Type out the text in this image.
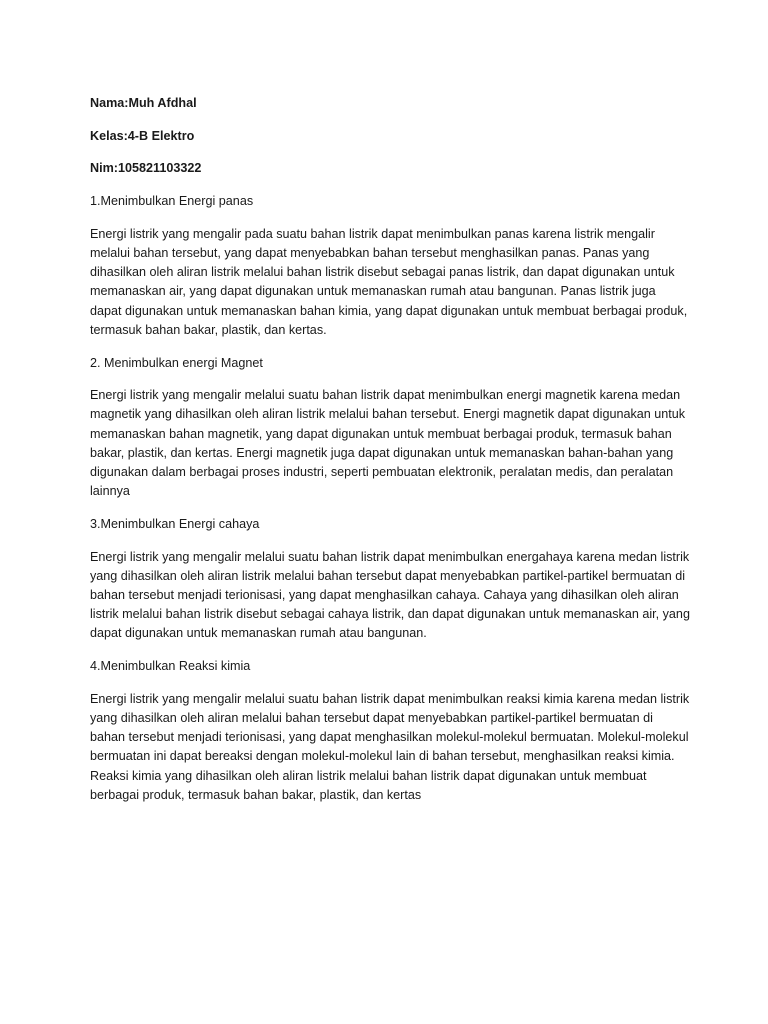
Nama:Muh Afdhal

Kelas:4-B Elektro

Nim:105821103322

1.Menimbulkan Energi panas

Energi listrik yang mengalir pada suatu bahan listrik dapat menimbulkan panas karena listrik mengalir melalui bahan tersebut, yang dapat menyebabkan bahan tersebut menghasilkan panas. Panas yang dihasilkan oleh aliran listrik melalui bahan listrik disebut sebagai panas listrik, dan dapat digunakan untuk memanaskan air, yang dapat digunakan untuk memanaskan rumah atau bangunan. Panas listrik juga dapat digunakan untuk memanaskan bahan kimia, yang dapat digunakan untuk membuat berbagai produk, termasuk bahan bakar, plastik, dan kertas.

2. Menimbulkan energi Magnet

Energi listrik yang mengalir melalui suatu bahan listrik dapat menimbulkan energi magnetik karena medan magnetik yang dihasilkan oleh aliran listrik melalui bahan tersebut. Energi magnetik dapat digunakan untuk memanaskan bahan magnetik, yang dapat digunakan untuk membuat berbagai produk, termasuk bahan bakar, plastik, dan kertas. Energi magnetik juga dapat digunakan untuk memanaskan bahan-bahan yang digunakan dalam berbagai proses industri, seperti pembuatan elektronik, peralatan medis, dan peralatan lainnya

3.Menimbulkan Energi cahaya

Energi listrik yang mengalir melalui suatu bahan listrik dapat menimbulkan energahaya karena medan listrik yang dihasilkan oleh aliran listrik melalui bahan tersebut dapat menyebabkan partikel-partikel bermuatan di bahan tersebut menjadi terionisasi, yang dapat menghasilkan cahaya. Cahaya yang dihasilkan oleh aliran listrik melalui bahan listrik disebut sebagai cahaya listrik, dan dapat digunakan untuk memanaskan air, yang dapat digunakan untuk memanaskan rumah atau bangunan.

4.Menimbulkan Reaksi kimia

Energi listrik yang mengalir melalui suatu bahan listrik dapat menimbulkan reaksi kimia karena medan listrik yang dihasilkan oleh aliran melalui bahan tersebut dapat menyebabkan partikel-partikel bermuatan di bahan tersebut menjadi terionisasi, yang dapat menghasilkan molekul-molekul bermuatan. Molekul-molekul bermuatan ini dapat bereaksi dengan molekul-molekul lain di bahan tersebut, menghasilkan reaksi kimia. Reaksi kimia yang dihasilkan oleh aliran listrik melalui bahan listrik dapat digunakan untuk membuat berbagai produk, termasuk bahan bakar, plastik, dan kertas
